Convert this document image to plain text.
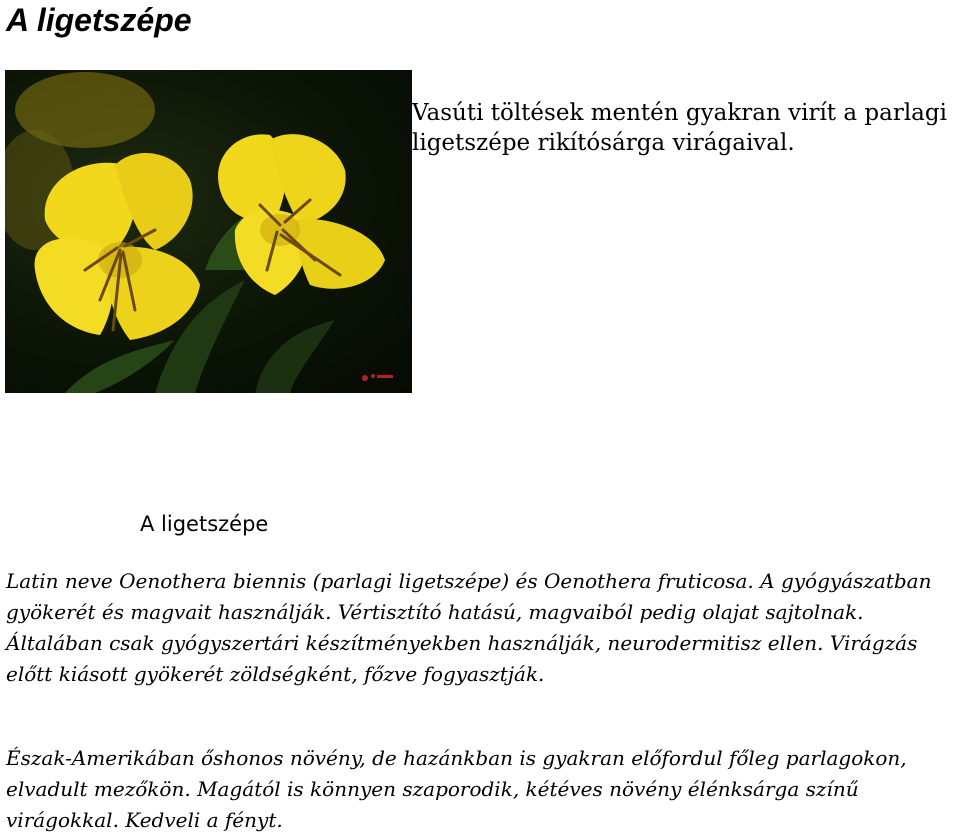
A ligetszépe

Vasúti töltések mentén gyakran virít a parlagi ligetszépe rikítósárga virágaival.

A ligetszépe

Latin neve Oenothera biennis (parlagi ligetszépe) és Oenothera fruticosa. A gyógyászatban gyökerét és magvait használják. Vértisztító hatású, magvaiból pedig olajat sajtolnak. Általában csak gyógyszertári készítményekben használják, neurodermitisz ellen. Virágzás előtt kiásott gyökerét zöldségként, főzve fogyasztják.

Észak-Amerikában őshonos növény, de hazánkban is gyakran előfordul főleg parlagokon, elvadult mezőkön. Magától is könnyen szaporodik, kétéves növény élénksárga színű virágokkal. Kedveli a fényt.
